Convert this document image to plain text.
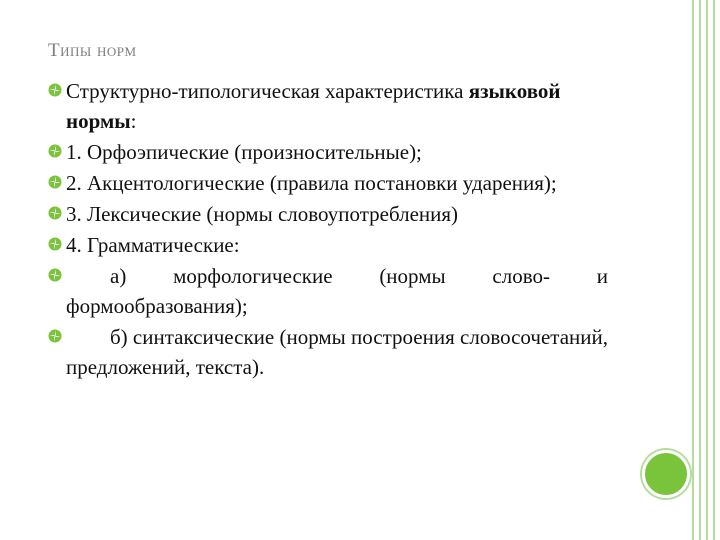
Типы норм
Структурно-типологическая характеристика языковой нормы:
1. Орфоэпические (произносительные);
2. Акцентологические (правила постановки ударения);
3. Лексические (нормы словоупотребления)
4. Грамматические:
а) морфологические (нормы слово- и формообразования);
б) синтаксические (нормы построения словосочетаний, предложений, текста).
